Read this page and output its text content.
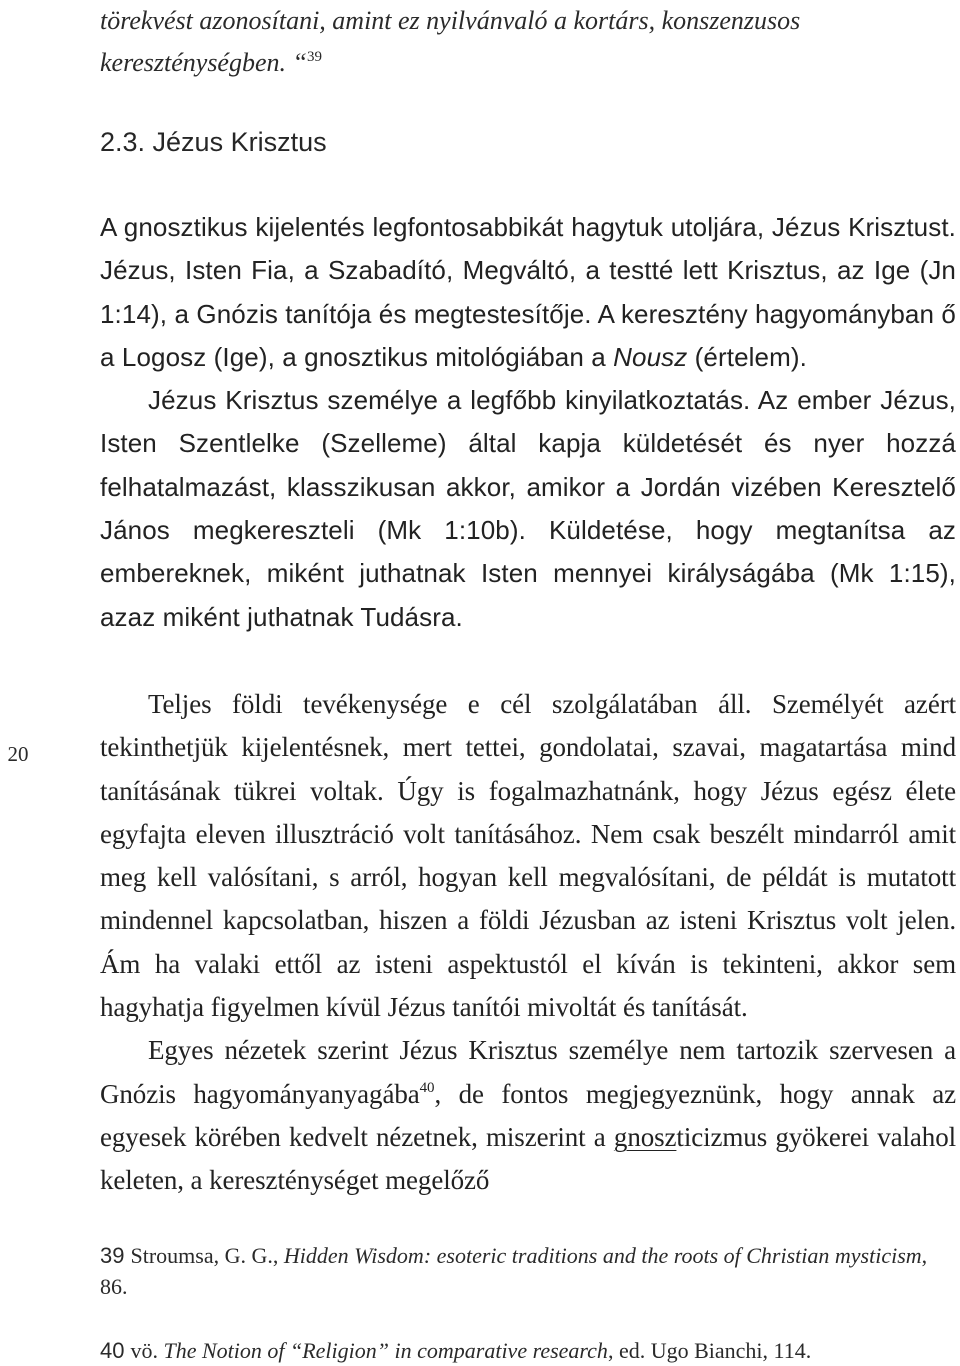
törekvést azonosítani, amint ez nyilvánvaló a kortárs, konszenzusos
kereszténységben. “$^{39}$
2.3. Jézus Krisztus

A gnosztikus kijelentés legfontosabbikát hagytuk utoljára, Jézus Krisztust. Jézus, Isten Fia, a Szabadító, Megváltó, a testté lett Krisztus, az Ige (Jn 1:14), a Gnózis tanítója és megtestesítője. A keresztény hagyományban ő a Logosz (Ige), a gnosztikus mitológiában a Nousz (értelem).

Jézus Krisztus személye a legfőbb kinyilatkoztatás. Az ember Jézus, Isten Szentlelke (Szelleme) által kapja küldetését és nyer hozzá felhatalmazást, klasszikusan akkor, amikor a Jordán vizében Keresztelő János megkereszteli (Mk 1:10b). Küldetése, hogy megtanítsa az embereknek, miként juthatnak Isten mennyei királyságába (Mk 1:15), azaz miként juthatnak Tudásra.

20

Teljes földi tevékenysége e cél szolgálatában áll. Személyét azért tekinthetjük kijelentésnek, mert tettei, gondolatai, szavai, magatartása mind tanításának tükrei voltak. Úgy is fogalmazhatnánk, hogy Jézus egész élete egyfajta eleven illusztráció volt tanításához. Nem csak beszélt mindarról amit meg kell valósítani, s arról, hogyan kell megvalósítani, de példát is mutatott mindennel kapcsolatban, hiszen a földi Jézusban az isteni Krisztus volt jelen. Ám ha valaki ettől az isteni aspektustól el kíván is tekinteni, akkor sem hagyhatja figyelmen kívül Jézus tanítói mivoltát és tanítását.

Egyes nézetek szerint Jézus Krisztus személye nem tartozik szervesen a Gnózis hagyományanyagába$^{40}$, de fontos megjegyeznünk, hogy annak az egyesek körében kedvelt nézetnek, miszerint a gnoszticizmus gyökerei valahol keleten, a kereszténységet megelőző

39 Stroumsa, G. G., Hidden Wisdom: esoteric traditions and the roots of Christian mysticism, 86.
40 vö. The Notion of “Religion” in comparative research, ed. Ugo Bianchi, 114.
